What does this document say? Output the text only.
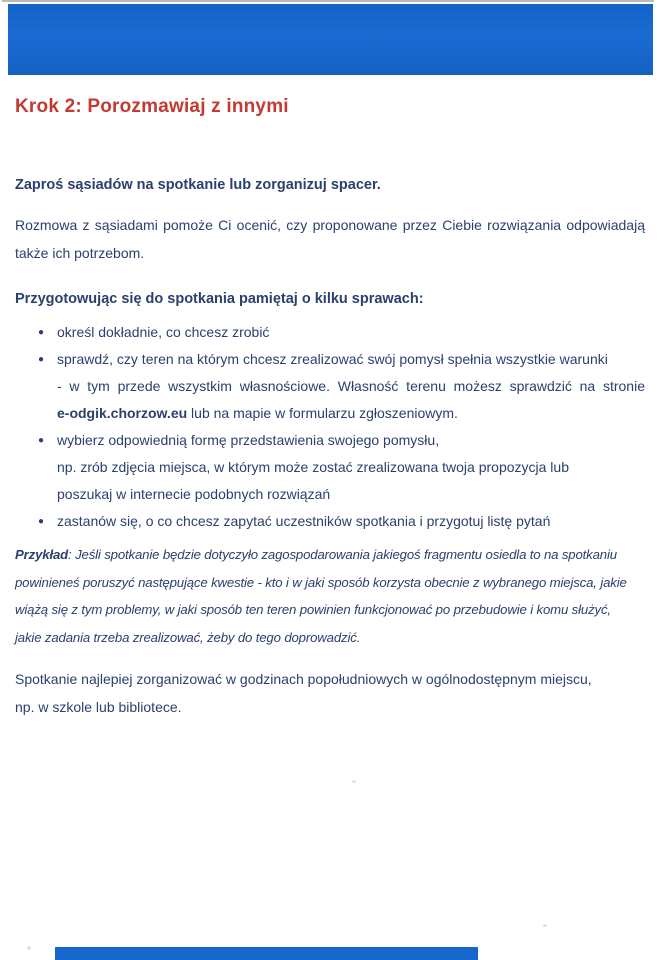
Krok 2: Porozmawiaj z innymi
Zaproś sąsiadów na spotkanie lub zorganizuj spacer.
Rozmowa z sąsiadami pomoże Ci ocenić, czy proponowane przez Ciebie rozwiązania odpowiadają
także ich potrzebom.
Przygotowując się do spotkania pamiętaj o kilku sprawach:
● określ dokładnie, co chcesz zrobić
● sprawdź, czy teren na którym chcesz zrealizować swój pomysł spełnia wszystkie warunki
- w tym przede wszystkim własnościowe. Własność terenu możesz sprawdzić na stronie
e-odgik.chorzow.eu lub na mapie w formularzu zgłoszeniowym.
● wybierz odpowiednią formę przedstawienia swojego pomysłu,
np. zrób zdjęcia miejsca, w którym może zostać zrealizowana twoja propozycja lub
poszukaj w internecie podobnych rozwiązań
● zastanów się, o co chcesz zapytać uczestników spotkania i przygotuj listę pytań
Przykład: Jeśli spotkanie będzie dotyczyło zagospodarowania jakiegoś fragmentu osiedla to na spotkaniu
powinieneś poruszyć następujące kwestie - kto i w jaki sposób korzysta obecnie z wybranego miejsca, jakie
wiążą się z tym problemy, w jaki sposób ten teren powinien funkcjonować po przebudowie i komu służyć,
jakie zadania trzeba zrealizować, żeby do tego doprowadzić.
Spotkanie najlepiej zorganizować w godzinach popołudniowych w ogólnodostępnym miejscu,
np. w szkole lub bibliotece.
